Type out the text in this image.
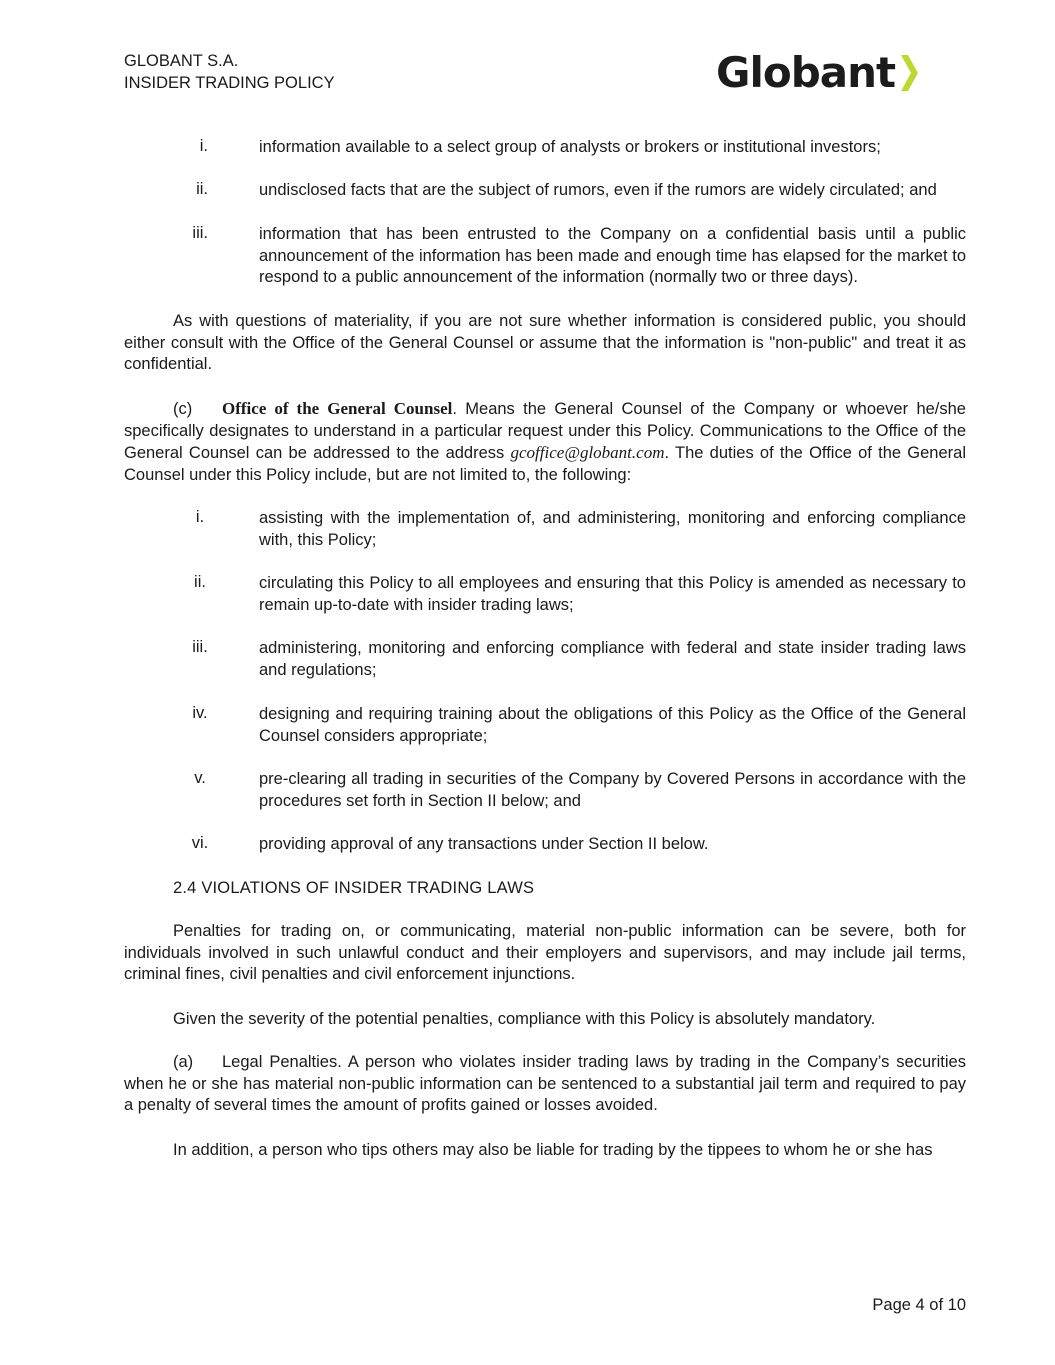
GLOBANT S.A.
INSIDER TRADING POLICY	Globant
i.	information available to a select group of analysts or brokers or institutional investors;
ii.	undisclosed facts that are the subject of rumors, even if the rumors are widely circulated; and
iii.	information that has been entrusted to the Company on a confidential basis until a public announcement of the information has been made and enough time has elapsed for the market to respond to a public announcement of the information (normally two or three days).
As with questions of materiality, if you are not sure whether information is considered public, you should either consult with the Office of the General Counsel or assume that the information is "non-public" and treat it as confidential.
(c) Office of the General Counsel. Means the General Counsel of the Company or whoever he/she specifically designates to understand in a particular request under this Policy. Communications to the Office of the General Counsel can be addressed to the address gcoffice@globant.com. The duties of the Office of the General Counsel under this Policy include, but are not limited to, the following:
i.	assisting with the implementation of, and administering, monitoring and enforcing compliance with, this Policy;
ii.	circulating this Policy to all employees and ensuring that this Policy is amended as necessary to remain up-to-date with insider trading laws;
iii.	administering, monitoring and enforcing compliance with federal and state insider trading laws and regulations;
iv.	designing and requiring training about the obligations of this Policy as the Office of the General Counsel considers appropriate;
v.	pre-clearing all trading in securities of the Company by Covered Persons in accordance with the procedures set forth in Section II below; and
vi.	providing approval of any transactions under Section II below.
2.4 VIOLATIONS OF INSIDER TRADING LAWS
Penalties for trading on, or communicating, material non-public information can be severe, both for individuals involved in such unlawful conduct and their employers and supervisors, and may include jail terms, criminal fines, civil penalties and civil enforcement injunctions.
Given the severity of the potential penalties, compliance with this Policy is absolutely mandatory.
(a) Legal Penalties. A person who violates insider trading laws by trading in the Company’s securities when he or she has material non-public information can be sentenced to a substantial jail term and required to pay a penalty of several times the amount of profits gained or losses avoided.
In addition, a person who tips others may also be liable for trading by the tippees to whom he or she has
Page 4 of 10
